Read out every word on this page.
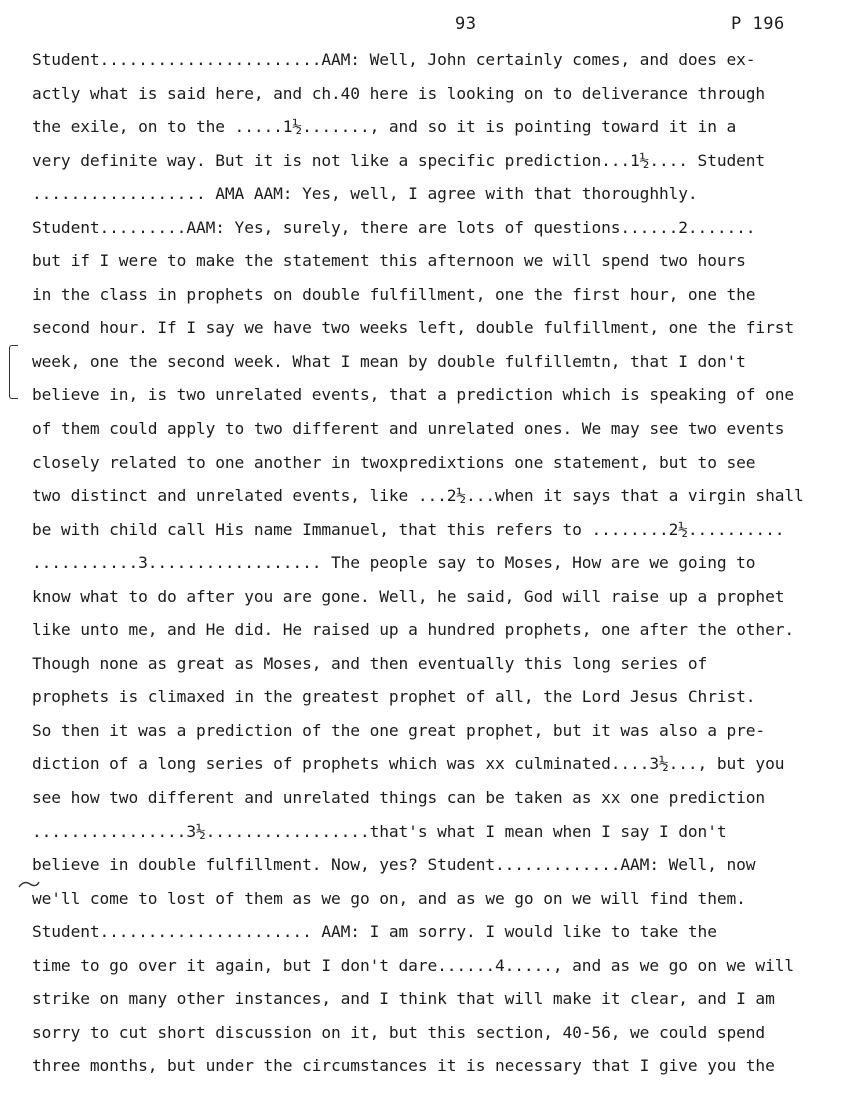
93	P 196
Student.......................AAM: Well, John certainly comes, and does ex-
actly what is said here, and ch.40 here is looking on to deliverance through
the exile, on to the .....1½......., and so it is pointing toward it in a
very definite way. But it is not like a specific prediction...1½.... Student
.................. AMA AAM: Yes, well, I agree with that thoroughhly.
Student.........AAM: Yes, surely, there are lots of questions......2.......
but if I were to make the statement this afternoon we will spend two hours
in the class in prophets on double fulfillment, one the first hour, one the
second hour. If I say we have two weeks left, double fulfillment, one the first
week, one the second week. What I mean by double fulfillemtn, that I don't
believe in, is two unrelated events, that a prediction which is speaking of one
of them could apply to two different and unrelated ones. We may see two events
closely related to one another in twoxpredixtions one statement, but to see
two distinct and unrelated events, like ...2½...when it says that a virgin shall
be with child call His name Immanuel, that this refers to ........2½..........
...........3.................. The people say to Moses, How are we going to
know what to do after you are gone. Well, he said, God will raise up a prophet
like unto me, and He did. He raised up a hundred prophets, one after the other.
Though none as great as Moses, and then eventually this long series of
prophets is climaxed in the greatest prophet of all, the Lord Jesus Christ.
So then it was a prediction of the one great prophet, but it was also a pre-
diction of a long series of prophets which was xx culminated....3½..., but you
see how two different and unrelated things can be taken as xx one prediction
................3½.................that's what I mean when I say I don't
believe in double fulfillment. Now, yes? Student.............AAM: Well, now
we'll come to lost of them as we go on, and as we go on we will find them.
Student...................... AAM: I am sorry. I would like to take the
time to go over it again, but I don't dare......4....., and as we go on we will
strike on many other instances, and I think that will make it clear, and I am
sorry to cut short discussion on it, but this section, 40-56, we could spend
three months, but under the circumstances it is necessary that I give you the
